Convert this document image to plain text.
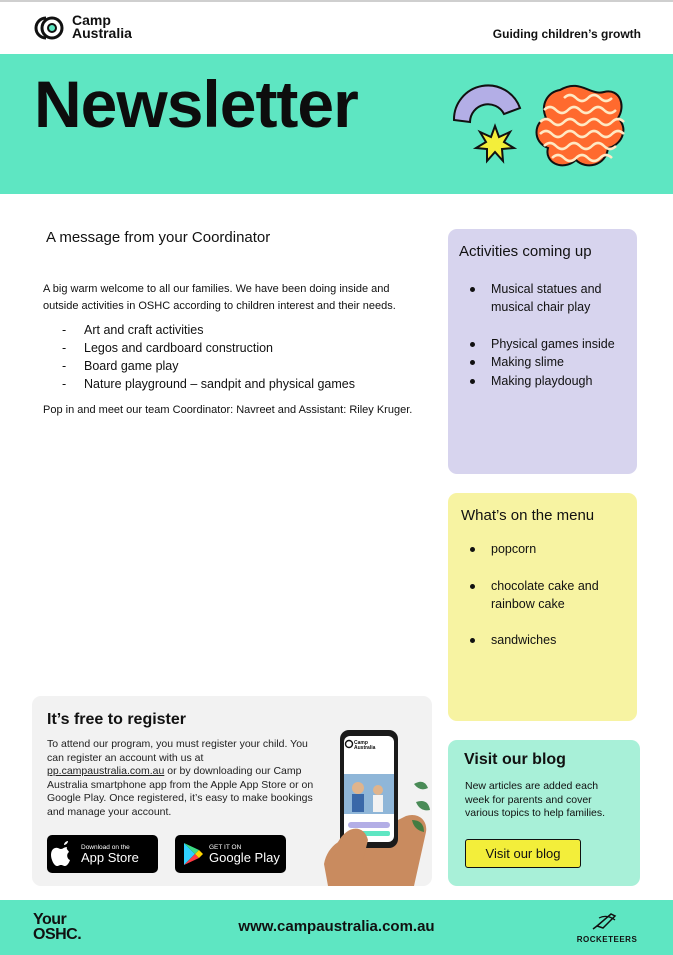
Camp
Australia	Guiding children’s growth
Newsletter
A message from your Coordinator
A big warm welcome to all our families. We have been doing inside and outside activities in OSHC according to children interest and their needs.
-	Art and craft activities
-	Legos and cardboard construction
-	Board game play
-	Nature playground – sandpit and physical games
Pop in and meet our team Coordinator: Navreet and Assistant: Riley Kruger.
Activities coming up
Musical statues and musical chair play
Physical games inside
Making slime
Making playdough
What’s on the menu
popcorn
chocolate cake and rainbow cake
sandwiches
It’s free to register
To attend our program, you must register your child. You can register an account with us at pp.campaustralia.com.au or by downloading our Camp Australia smartphone app from the Apple App Store or on Google Play. Once registered, it’s easy to make bookings and manage your account.
Download on the
App Store
GET IT ON
Google Play
Camp
Australia
Visit our blog
New articles are added each week for parents and cover various topics to help families.
Visit our blog
Your
OSHC.	www.campaustralia.com.au
ROCKETEERS
